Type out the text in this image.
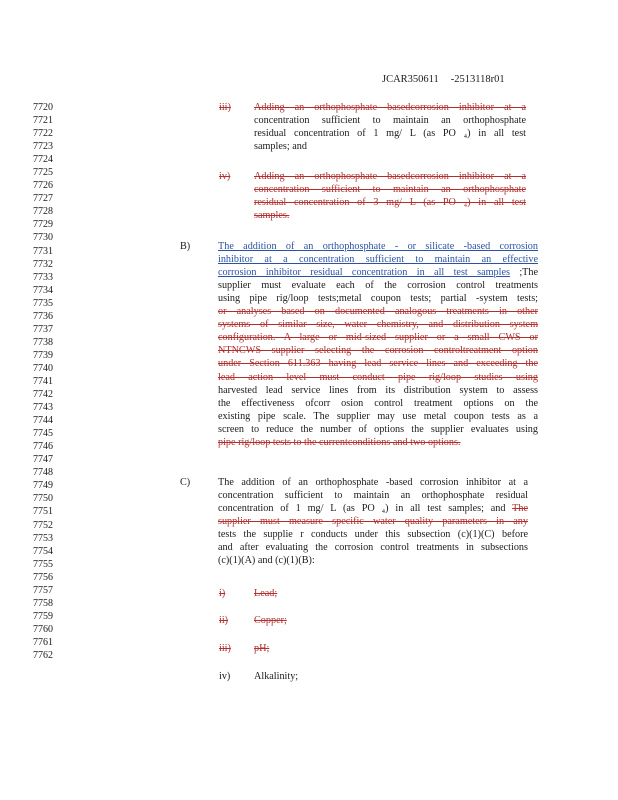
JCAR350611 -2513118r01
7720
7721
7722
7723
7724
7725
7726
7727
7728
7729
7730
7731
7732
7733
7734
7735
7736
7737
7738
7739
7740
7741
7742
7743
7744
7745
7746
7747
7748
7749
7750
7751
7752
7753
7754
7755
7756
7757
7758
7759
7760
7761
7762
iii) Adding an orthophosphate basedcorrosion inhibitor at a
concentration sufficient to maintain an orthophosphate
residual concentration of 1 mg/ L (as PO ₄) in all test
samples; and
iv) Adding an orthophosphate basedcorrosion inhibitor at a
concentration sufficient to maintain an orthophosphate
residual concentration of 3 mg/ L (as PO ₄) in all test
samples.
B)	The addition of an orthophosphate - or silicate -based corrosion
inhibitor at a concentration sufficient to maintain an effective
corrosion inhibitor residual concentration in all test samples ;The
supplier must evaluate each of the corrosion control treatments
using pipe rig/loop tests;metal coupon tests; partial -system tests;
or analyses based on documented analogous treatments in other
systems of similar size, water chemistry, and distribution system
configuration. A large or mid-sized supplier or a small CWS or
NTNCWS supplier selecting the corrosion controltreatment option
under Section 611.363 having lead service lines and exceeding the
lead action level must conduct pipe rig/loop studies using
harvested lead service lines from its distribution system to assess
the effectiveness ofcorr osion control treatment options on the
existing pipe scale. The supplier may use metal coupon tests as a
screen to reduce the number of options the supplier evaluates using
pipe rig/loop tests to the currentconditions and two options.
C)	The addition of an orthophosphate -based corrosion inhibitor at a
concentration sufficient to maintain an orthophosphate residual
concentration of 1 mg/ L (as PO ₄) in all test samples; and The
supplier must measure specific water quality parameters in any
tests the supplie r conducts under this subsection (c)(1)(C) before
and after evaluating the corrosion control treatments in subsections
(c)(1)(A) and (c)(1)(B):
i)	Lead;
ii)	Copper;
iii) pH;
iv) Alkalinity;
